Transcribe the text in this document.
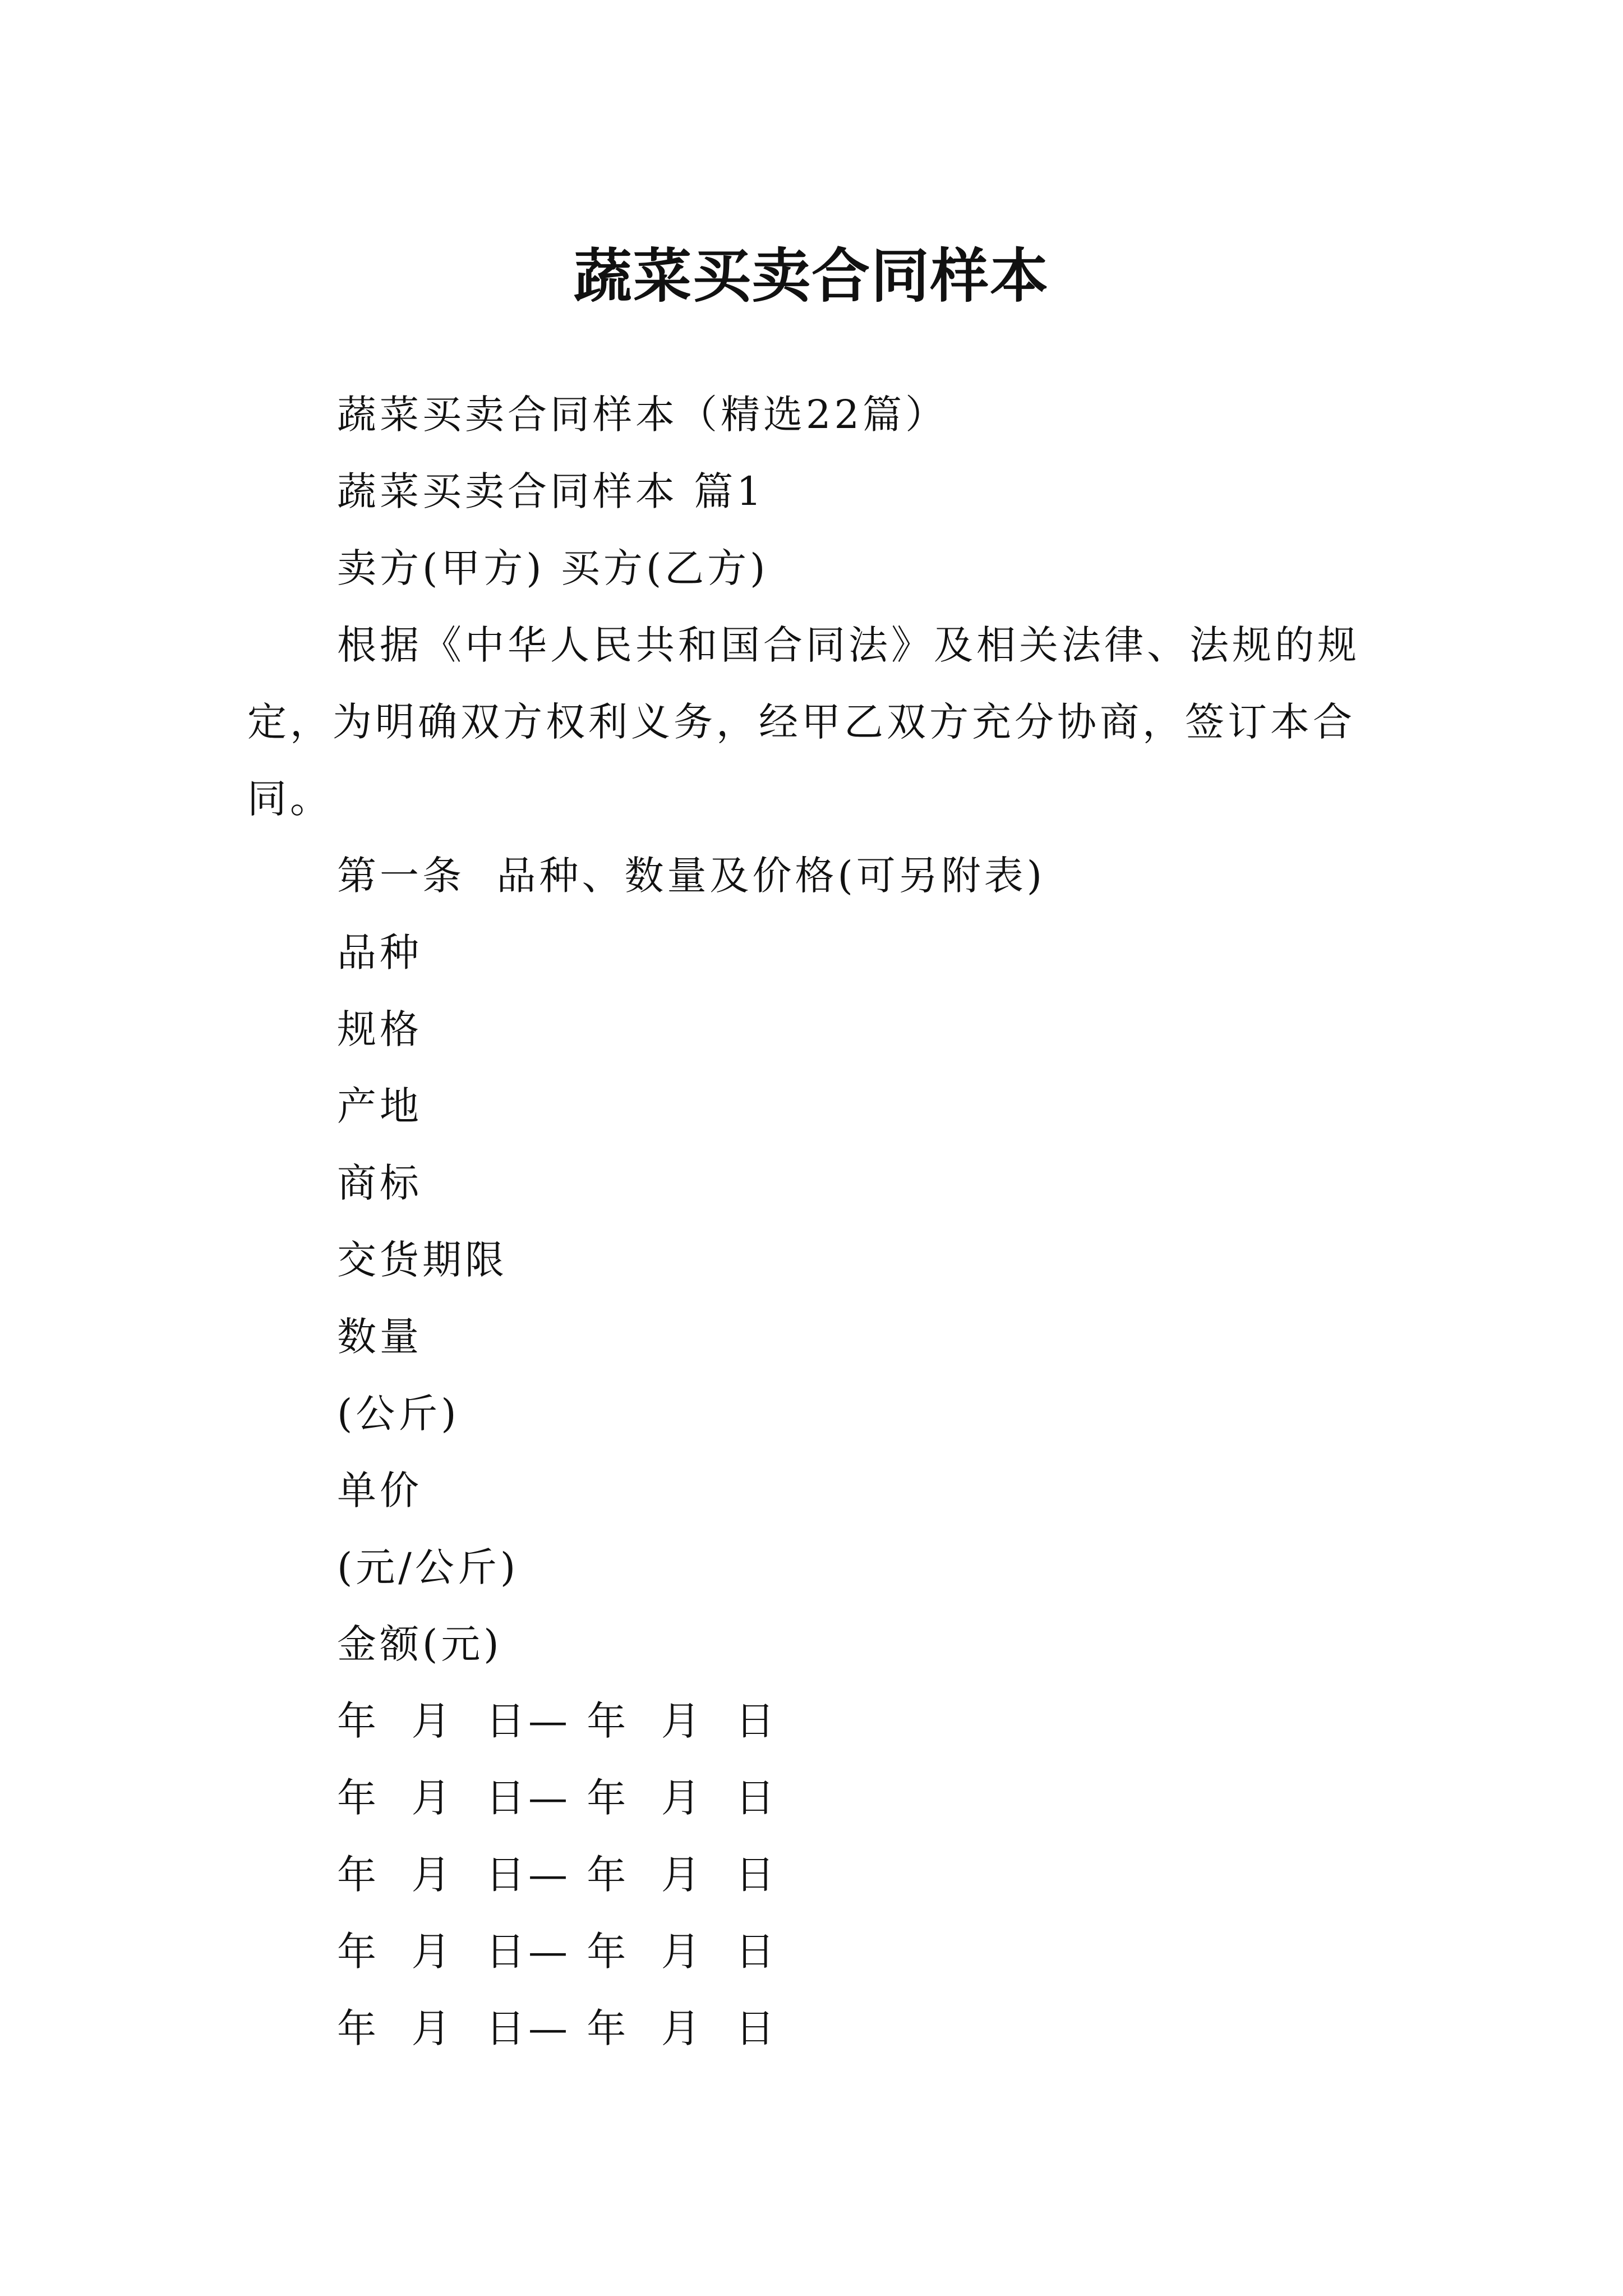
蔬菜买卖合同样本

蔬菜买卖合同样本（精选22篇）

蔬菜买卖合同样本 篇1

卖方(甲方) 买方(乙方)

根据《中华人民共和国合同法》及相关法律、法规的规定，为明确双方权利义务，经甲乙双方充分协商，签订本合同。

第一条  品种、数量及价格(可另附表)

品种

规格

产地

商标

交货期限

数量

(公斤)

单价

(元/公斤)

金额(元)

年  月  日— 年  月  日

年  月  日— 年  月  日

年  月  日— 年  月  日

年  月  日— 年  月  日

年  月  日— 年  月  日
